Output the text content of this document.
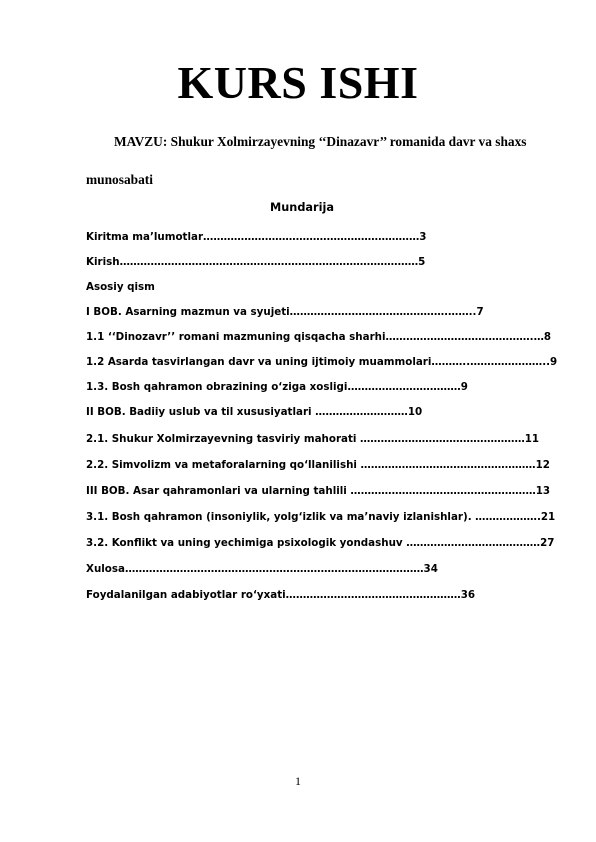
KURS ISHI

MAVZU: Shukur Xolmirzayevning ‘‘Dinazavr’’ romanida davr va shaxs
munosabati

Mundarija

Kiritma ma’lumotlar………………………………………………………3
Kirish……………………………………………………………………………5
Asosiy qism
I BOB. Asarning mazmun va syujeti……………………………………….……..7
1.1 ‘‘Dinozavr’’ romani mazmuning qisqacha sharhi…………………………………….…8
1.2 Asarda tasvirlangan davr va uning ijtimoiy muammolari………..…………………..9
1.3. Bosh qahramon obrazining o‘ziga xosligi……………………………9
II BOB. Badiiy uslub va til xususiyatlari ………………………10
2.1. Shukur Xolmirzayevning tasviriy mahorati …………………………………………11
2.2. Simvolizm va metaforalarning qo‘llanilishi ……………………………………………12
III BOB. Asar qahramonlari va ularning tahlili ………………………………………………13
3.1. Bosh qahramon (insoniylik, yolg‘izlik va ma’naviy izlanishlar). ……………….21
3.2. Konflikt va uning yechimiga psixologik yondashuv …………………………………27
Xulosa……………………………………………………………………………34
Foydalanilgan adabiyotlar ro‘yxati……………………………………………36
1
